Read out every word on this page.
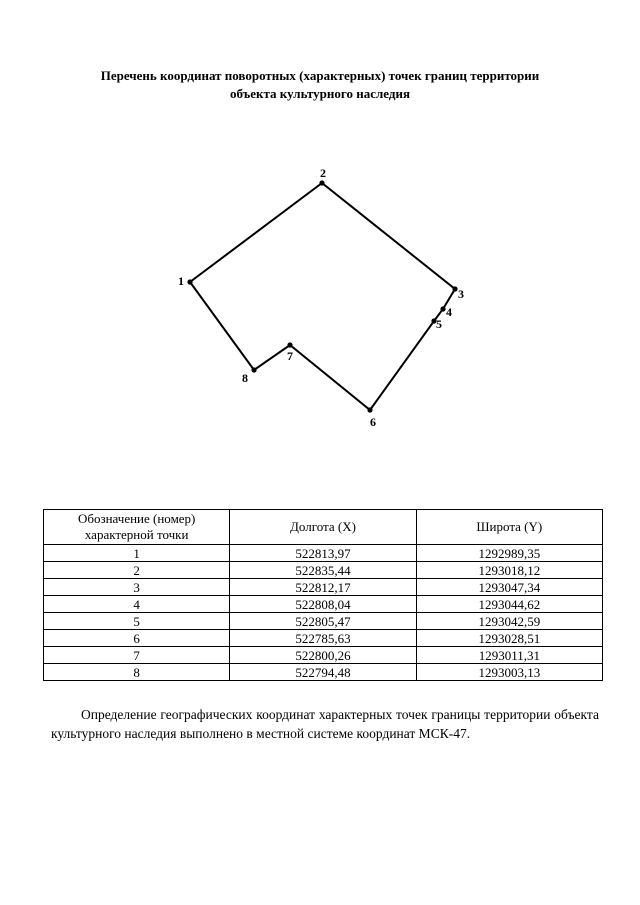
Перечень координат поворотных (характерных) точек границ территории
объекта культурного наследия
1
2
3
4
5
6
7
8
Обозначение (номер) характерной точки	Долгота (X)	Широта (Y)
1	522813,97	1292989,35
2	522835,44	1293018,12
3	522812,17	1293047,34
4	522808,04	1293044,62
5	522805,47	1293042,59
6	522785,63	1293028,51
7	522800,26	1293011,31
8	522794,48	1293003,13
Определение географических координат характерных точек границы территории объекта культурного наследия выполнено в местной системе координат МСК-47.
